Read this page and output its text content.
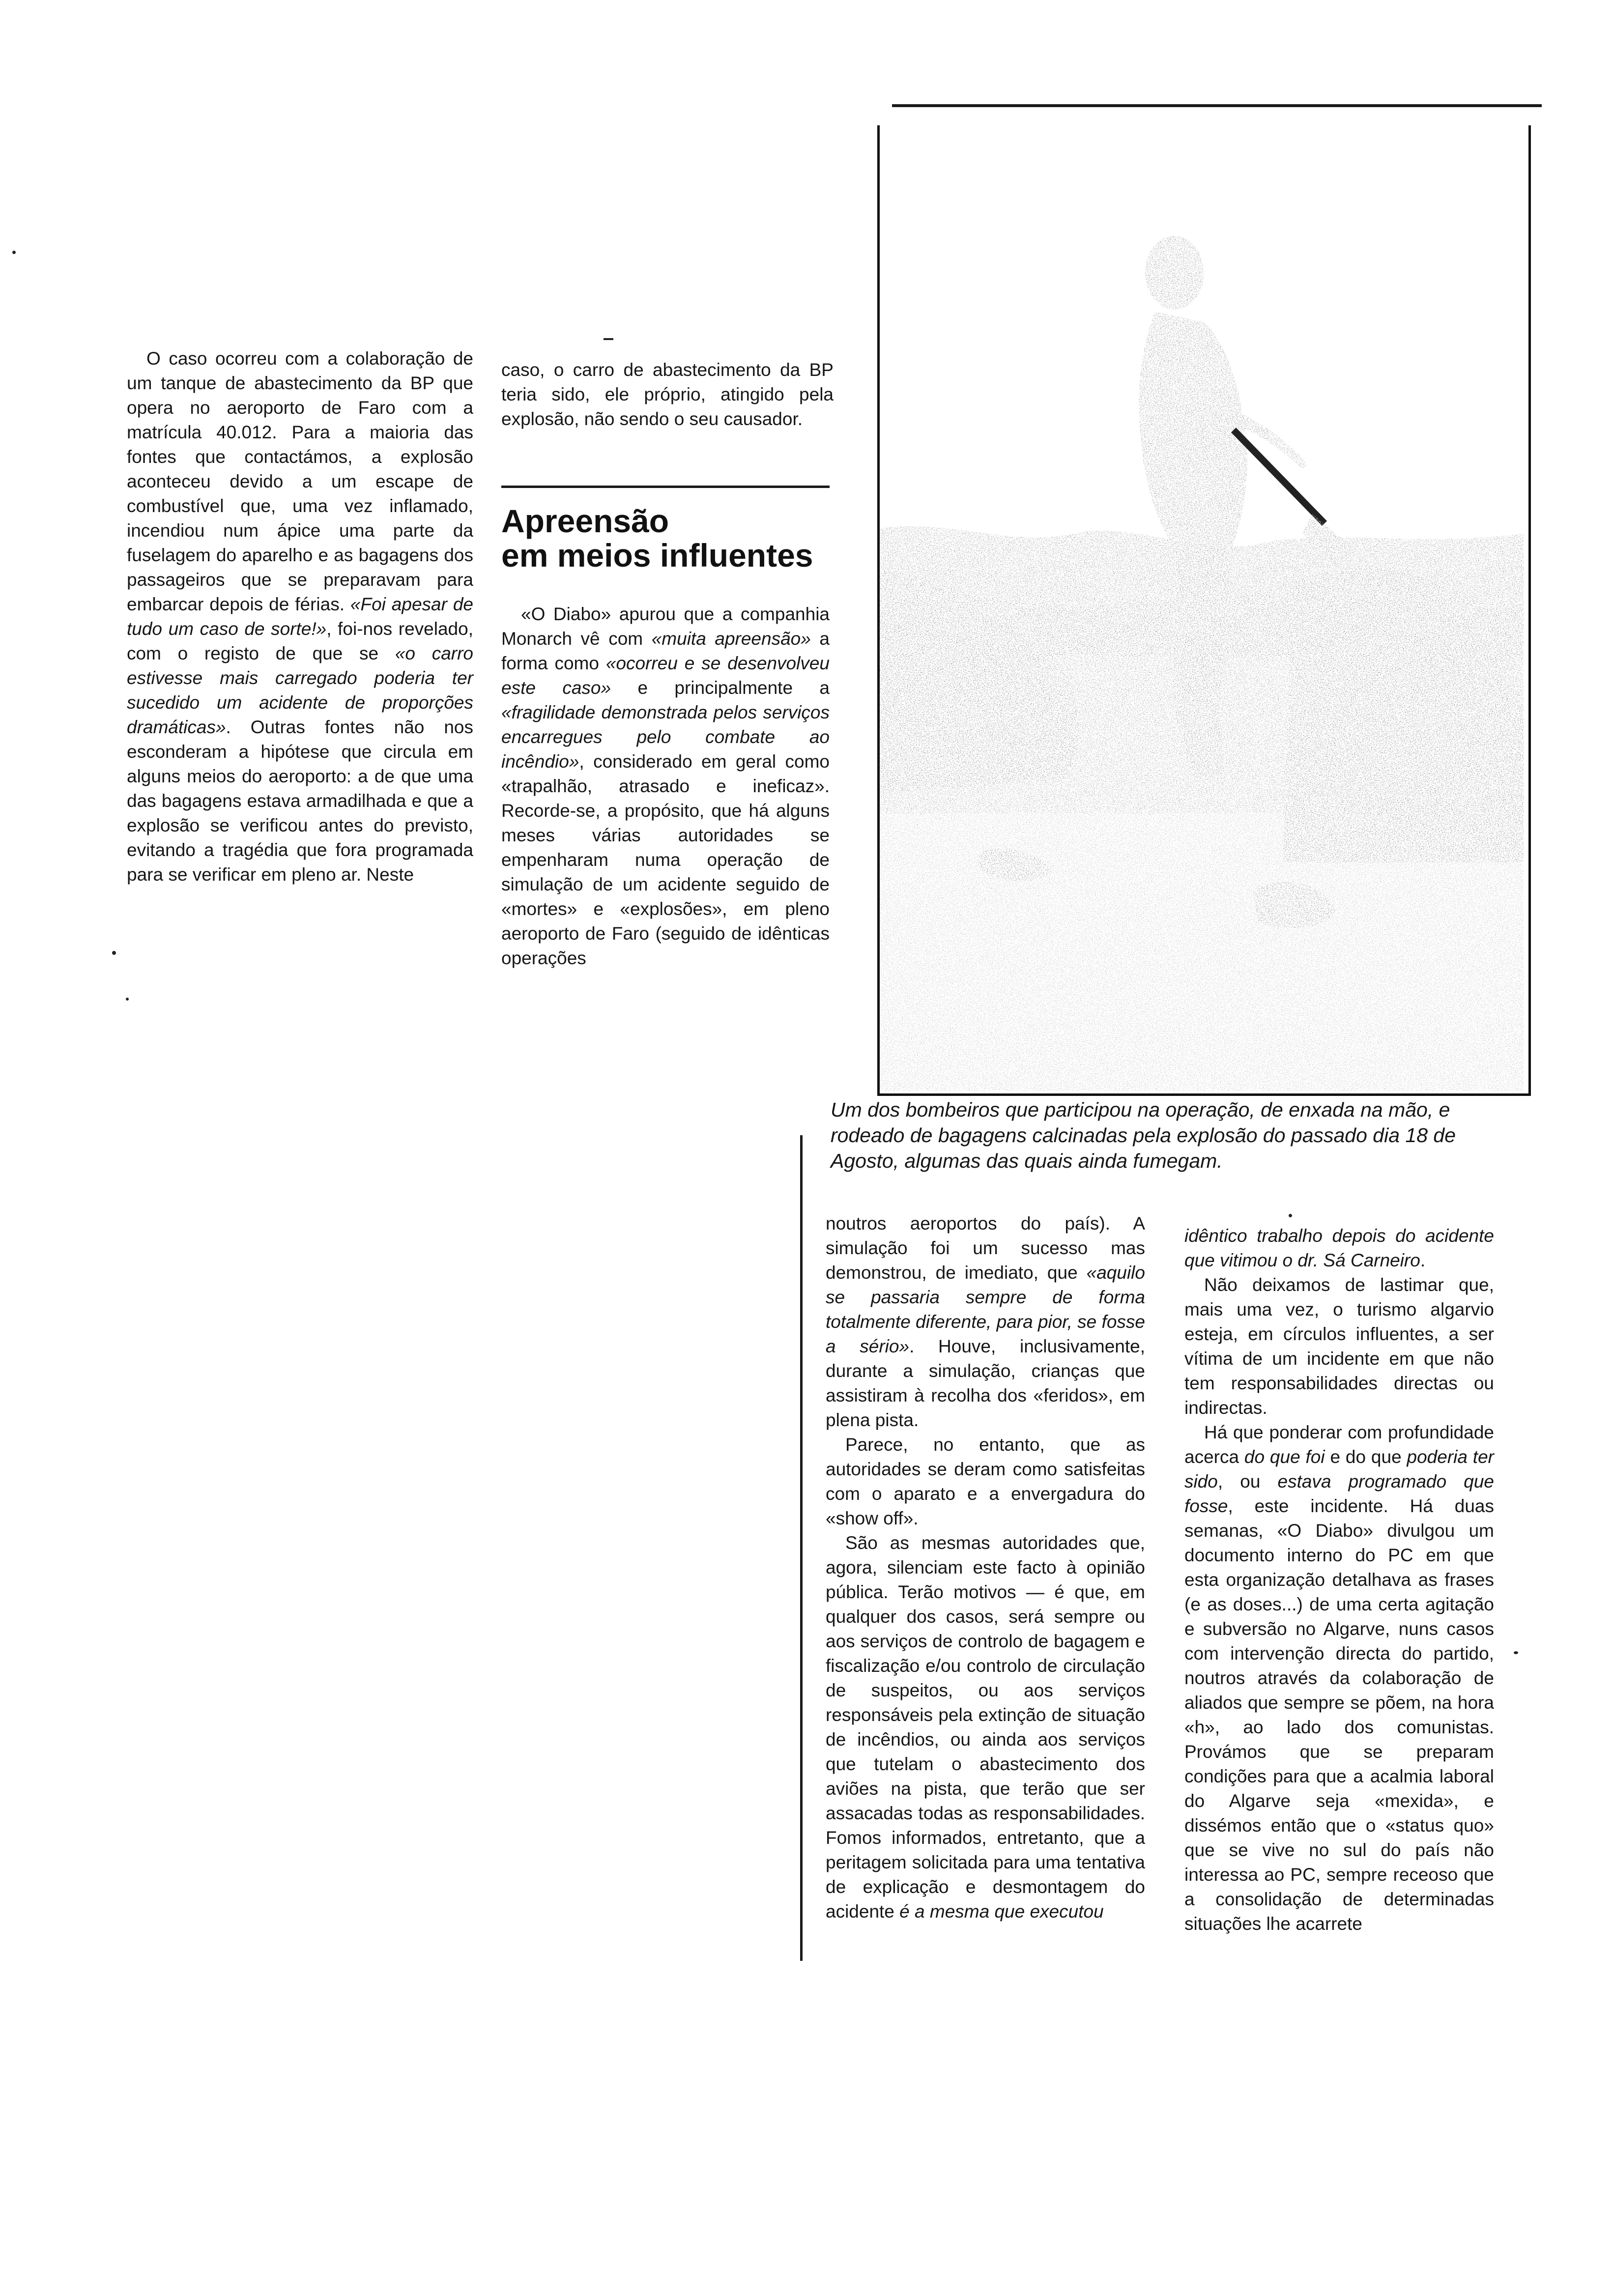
O caso ocorreu com a colaboração de um tanque de abastecimento da BP que opera no aeroporto de Faro com a matrícula 40.012. Para a maioria das fontes que contactámos, a explosão aconteceu devido a um escape de combustível que, uma vez inflamado, incendiou num ápice uma parte da fuselagem do aparelho e as bagagens dos passageiros que se preparavam para embarcar depois de férias. «Foi apesar de tudo um caso de sorte!», foi-nos revelado, com o registo de que se «o carro estivesse mais carregado poderia ter sucedido um acidente de proporções dramáticas». Outras fontes não nos esconderam a hipótese que circula em alguns meios do aeroporto: a de que uma das bagagens estava armadilhada e que a explosão se verificou antes do previsto, evitando a tragédia que fora programada para se verificar em pleno ar. Neste

caso, o carro de abastecimento da BP teria sido, ele próprio, atingido pela explosão, não sendo o seu causador.

Apreensão
em meios influentes

«O Diabo» apurou que a companhia Monarch vê com «muita apreensão» a forma como «ocorreu e se desenvolveu este caso» e principalmente a «fragilidade demonstrada pelos serviços encarregues pelo combate ao incêndio», considerado em geral como «trapalhão, atrasado e ineficaz». Recorde-se, a propósito, que há alguns meses várias autoridades se empenharam numa operação de simulação de um acidente seguido de «mortes» e «explosões», em pleno aeroporto de Faro (seguido de idênticas operações

Um dos bombeiros que participou na operação, de enxada na mão, e rodeado de bagagens calcinadas pela explosão do passado dia 18 de Agosto, algumas das quais ainda fumegam.

noutros aeroportos do país). A simulação foi um sucesso mas demonstrou, de imediato, que «aquilo se passaria sempre de forma totalmente diferente, para pior, se fosse a sério». Houve, inclusivamente, durante a simulação, crianças que assistiram à recolha dos «feridos», em plena pista.

Parece, no entanto, que as autoridades se deram como satisfeitas com o aparato e a envergadura do «show off».

São as mesmas autoridades que, agora, silenciam este facto à opinião pública. Terão motivos — é que, em qualquer dos casos, será sempre ou aos serviços de controlo de bagagem e fiscalização e/ou controlo de circulação de suspeitos, ou aos serviços responsáveis pela extinção de situação de incêndios, ou ainda aos serviços que tutelam o abastecimento dos aviões na pista, que terão que ser assacadas todas as responsabilidades. Fomos informados, entretanto, que a peritagem solicitada para uma tentativa de explicação e desmontagem do acidente é a mesma que executou

idêntico trabalho depois do acidente que vitimou o dr. Sá Carneiro.

Não deixamos de lastimar que, mais uma vez, o turismo algarvio esteja, em círculos influentes, a ser vítima de um incidente em que não tem responsabilidades directas ou indirectas.

Há que ponderar com profundidade acerca do que foi e do que poderia ter sido, ou estava programado que fosse, este incidente. Há duas semanas, «O Diabo» divulgou um documento interno do PC em que esta organização detalhava as frases (e as doses...) de uma certa agitação e subversão no Algarve, nuns casos com intervenção directa do partido, noutros através da colaboração de aliados que sempre se põem, na hora «h», ao lado dos comunistas. Provámos que se preparam condições para que a acalmia laboral do Algarve seja «mexida», e dissémos então que o «status quo» que se vive no sul do país não interessa ao PC, sempre receoso que a consolidação de determinadas situações lhe acarrete
